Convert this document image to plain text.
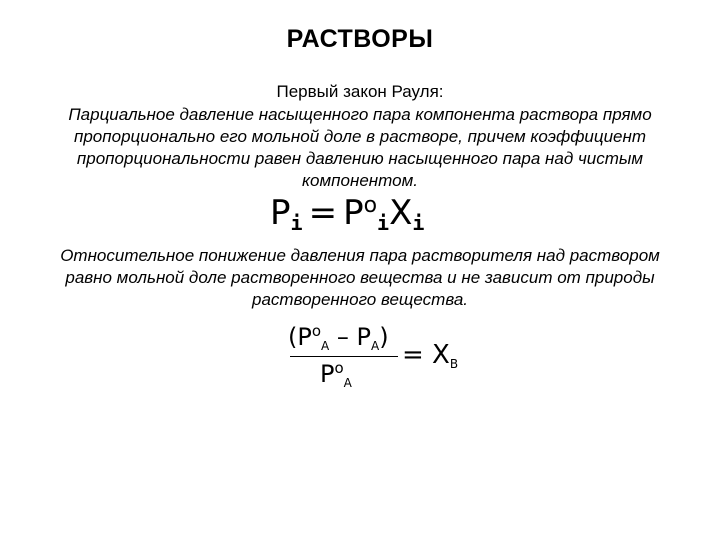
РАСТВОРЫ
Первый закон Рауля:
Парциальное давление насыщенного пара компонента раствора прямо пропорционально его мольной доле в растворе, причем коэффициент пропорциональности равен давлению насыщенного пара над чистым компонентом.
$P_i = P^o_iX_i$
Относительное понижение давления пара растворителя над раствором равно мольной доле растворенного вещества и не зависит от природы растворенного вещества.
$(P^o_A - P_A)$
$P^o_A$
= XB
